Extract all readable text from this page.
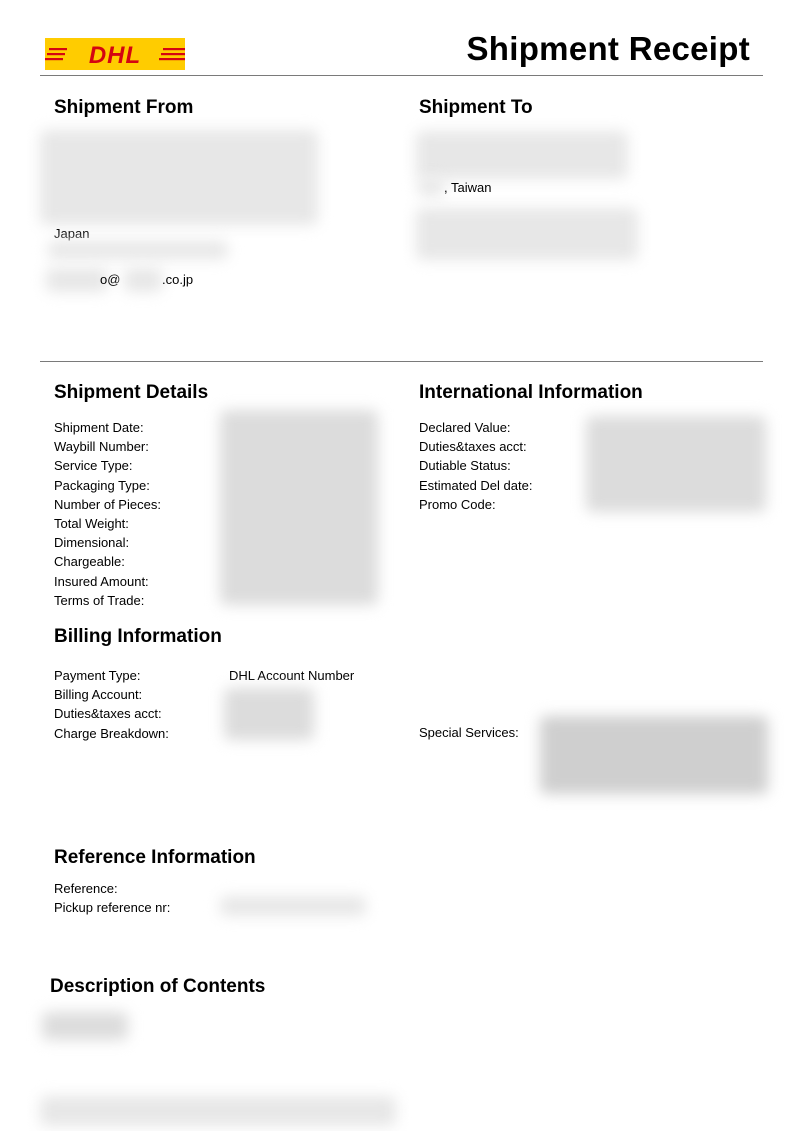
DHL	Shipment Receipt
Shipment From
Japan
o@	.co.jp
Shipment To
, Taiwan
Shipment Details
Shipment Date:
Waybill Number:
Service Type:
Packaging Type:
Number of Pieces:
Total Weight:
Dimensional:
Chargeable:
Insured Amount:
Terms of Trade:
International Information
Declared Value:
Duties&taxes acct:
Dutiable Status:
Estimated Del date:
Promo Code:
Billing Information
Payment Type:
Billing Account:
Duties&taxes acct:
Charge Breakdown:
DHL Account Number
Special Services:
Reference Information
Reference:
Pickup reference nr:
Description of Contents
